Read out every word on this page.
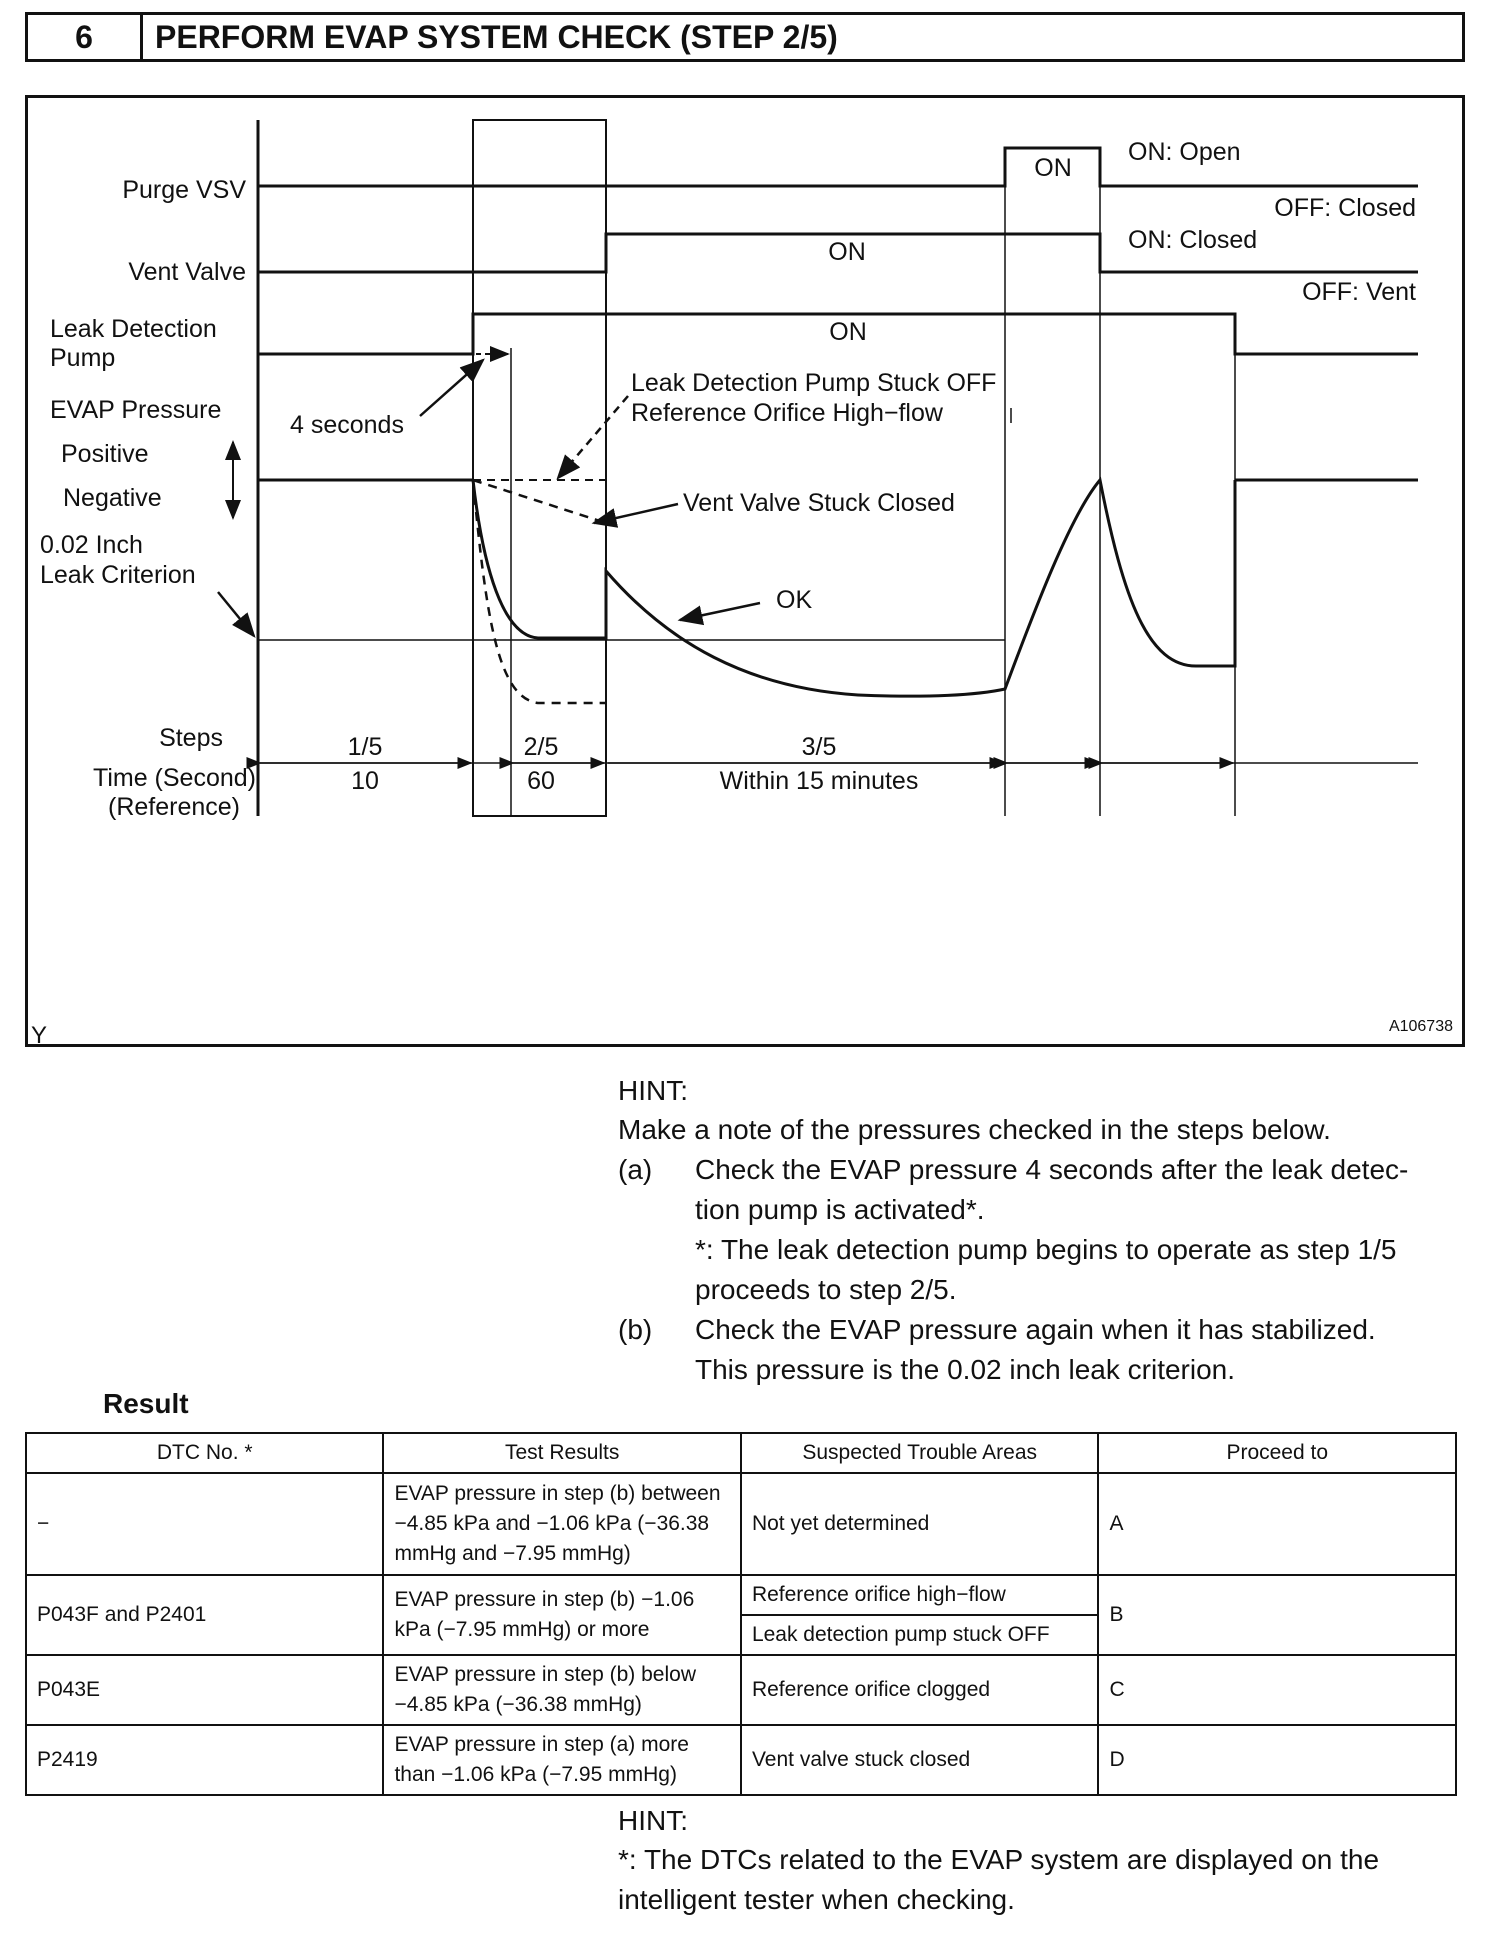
6	PERFORM EVAP SYSTEM CHECK (STEP 2/5)
Purge VSV
ON
ON: Open
OFF: Closed
Vent Valve
ON	ON: Closed
OFF: Vent
Leak Detection
Pump
ON
4 seconds
EVAP Pressure
Positive
Negative
0.02 Inch
Leak Criterion
Leak Detection Pump Stuck OFF
Reference Orifice High−flow
Vent Valve Stuck Closed
OK
Steps
Time (Second)
(Reference)
1/5	2/5	3/5
10	60	Within 15 minutes
Y	A106738
HINT:
Make a note of the pressures checked in the steps below.
(a) Check the EVAP pressure 4 seconds after the leak detec-
tion pump is activated*.
*: The leak detection pump begins to operate as step 1/5
proceeds to step 2/5.
(b) Check the EVAP pressure again when it has stabilized.
This pressure is the 0.02 inch leak criterion.
Result
DTC No. *	Test Results	Suspected Trouble Areas	Proceed to
−	EVAP pressure in step (b) between −4.85 kPa and −1.06 kPa (−36.38 mmHg and −7.95 mmHg)	Not yet determined	A
P043F and P2401	EVAP pressure in step (b) −1.06 kPa (−7.95 mmHg) or more	Reference orifice high−flow	B
		Leak detection pump stuck OFF	
P043E	EVAP pressure in step (b) below −4.85 kPa (−36.38 mmHg)	Reference orifice clogged	C
P2419	EVAP pressure in step (a) more than −1.06 kPa (−7.95 mmHg)	Vent valve stuck closed	D
HINT:
*: The DTCs related to the EVAP system are displayed on the
intelligent tester when checking.
